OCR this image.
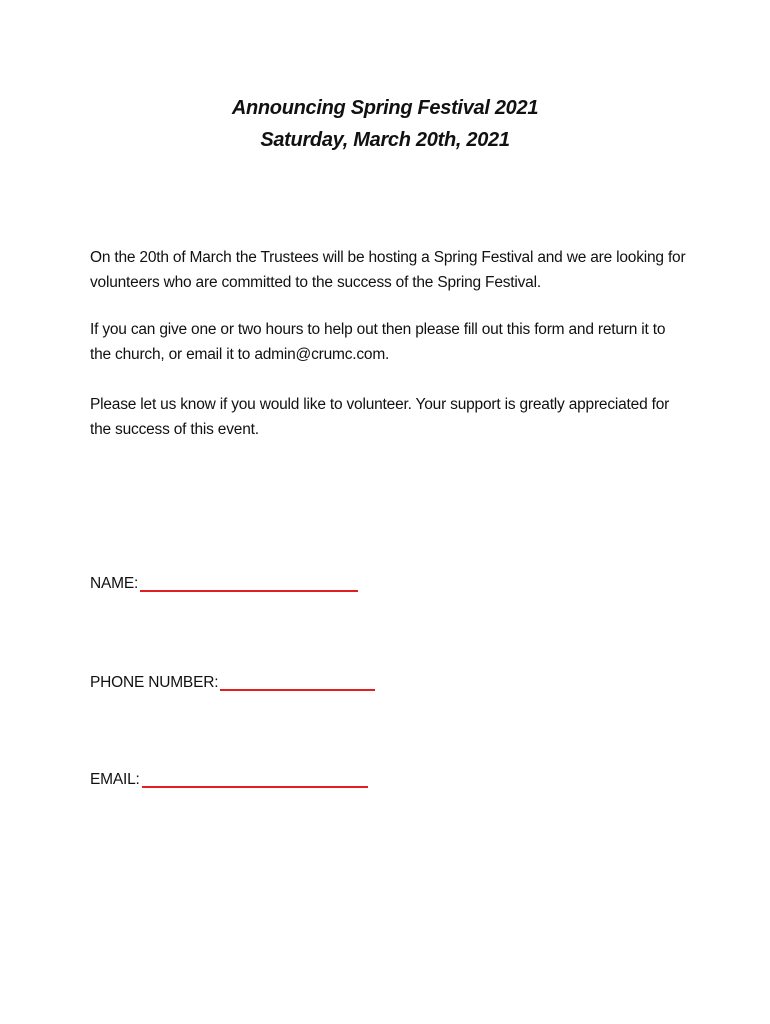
Announcing Spring Festival 2021
Saturday, March 20th, 2021

On the 20th of March the Trustees will be hosting a Spring Festival and we are looking for volunteers who are committed to the success of the Spring Festival.

If you can give one or two hours to help out then please fill out this form and return it to the church, or email it to admin@crumc.com.

Please let us know if you would like to volunteer. Your support is greatly appreciated for the success of this event.

NAME:
PHONE NUMBER:
EMAIL:
